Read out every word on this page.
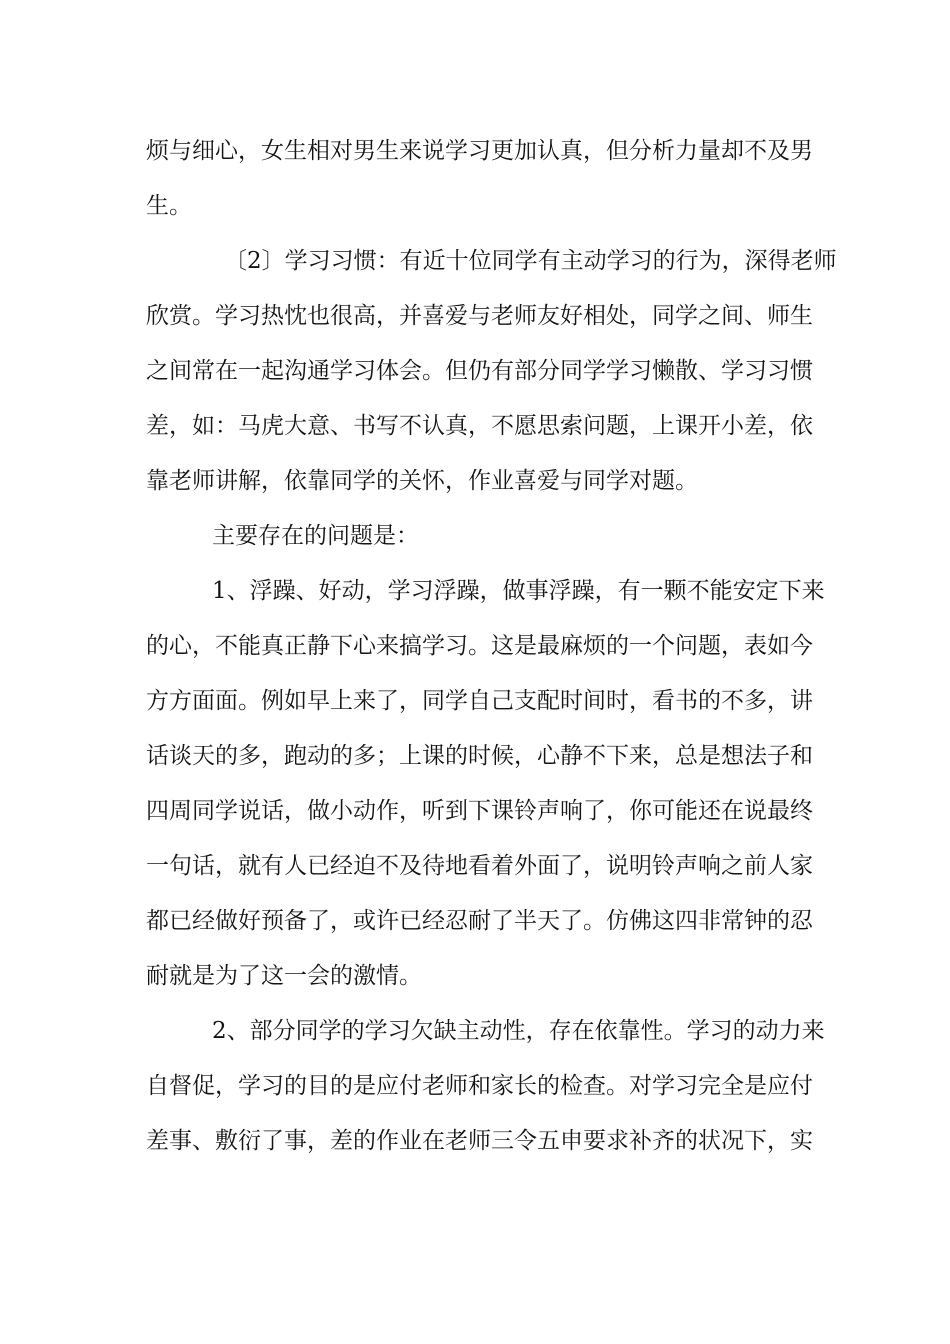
烦与细心，女生相对男生来说学习更加认真，但分析力量却不及男
生。
〔2〕学习习惯：有近十位同学有主动学习的行为，深得老师
欣赏。学习热忱也很高，并喜爱与老师友好相处，同学之间、师生
之间常在一起沟通学习体会。但仍有部分同学学习懒散、学习习惯
差，如：马虎大意、书写不认真，不愿思索问题，上课开小差，依
靠老师讲解，依靠同学的关怀，作业喜爱与同学对题。
主要存在的问题是：
1、浮躁、好动，学习浮躁，做事浮躁，有一颗不能安定下来
的心，不能真正静下心来搞学习。这是最麻烦的一个问题，表如今
方方面面。例如早上来了，同学自己支配时间时，看书的不多，讲
话谈天的多，跑动的多；上课的时候，心静不下来，总是想法子和
四周同学说话，做小动作，听到下课铃声响了，你可能还在说最终
一句话，就有人已经迫不及待地看着外面了，说明铃声响之前人家
都已经做好预备了，或许已经忍耐了半天了。仿佛这四非常钟的忍
耐就是为了这一会的激情。
2、部分同学的学习欠缺主动性，存在依靠性。学习的动力来
自督促，学习的目的是应付老师和家长的检查。对学习完全是应付
差事、敷衍了事，差的作业在老师三令五申要求补齐的状况下，实
